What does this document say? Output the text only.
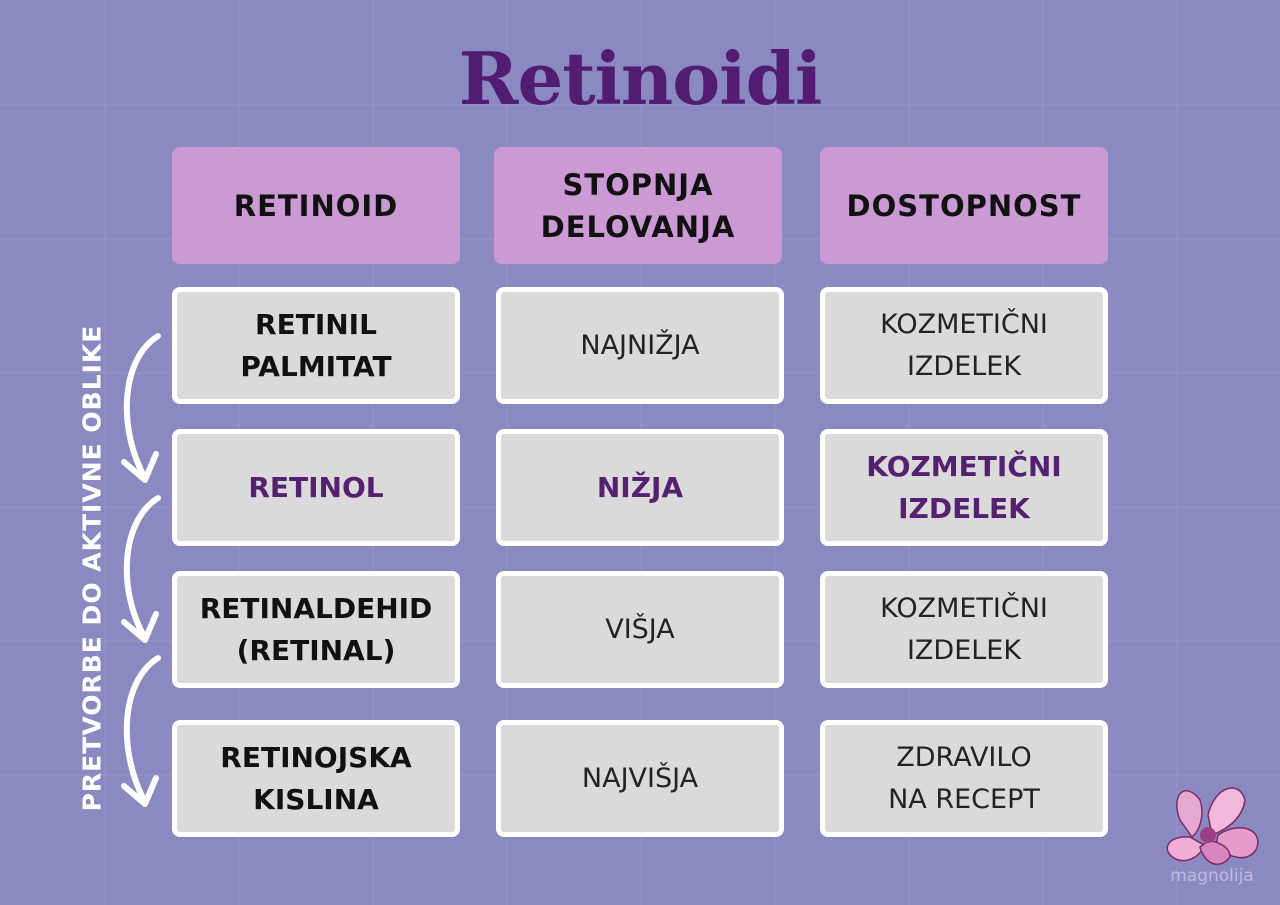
Retinoidi
RETINOID
STOPNJA DELOVANJA
DOSTOPNOST
RETINIL PALMITAT
NAJNIŽJA
KOZMETIČNI IZDELEK
RETINOL	NIŽJA
KOZMETIČNI IZDELEK
RETINALDEHID (RETINAL)
VIŠJA
KOZMETIČNI IZDELEK
RETINOJSKA KISLINA
NAJVIŠJA
ZDRAVILO NA RECEPT
PRETVORBE DO AKTIVNE OBLIKE
magnolija
